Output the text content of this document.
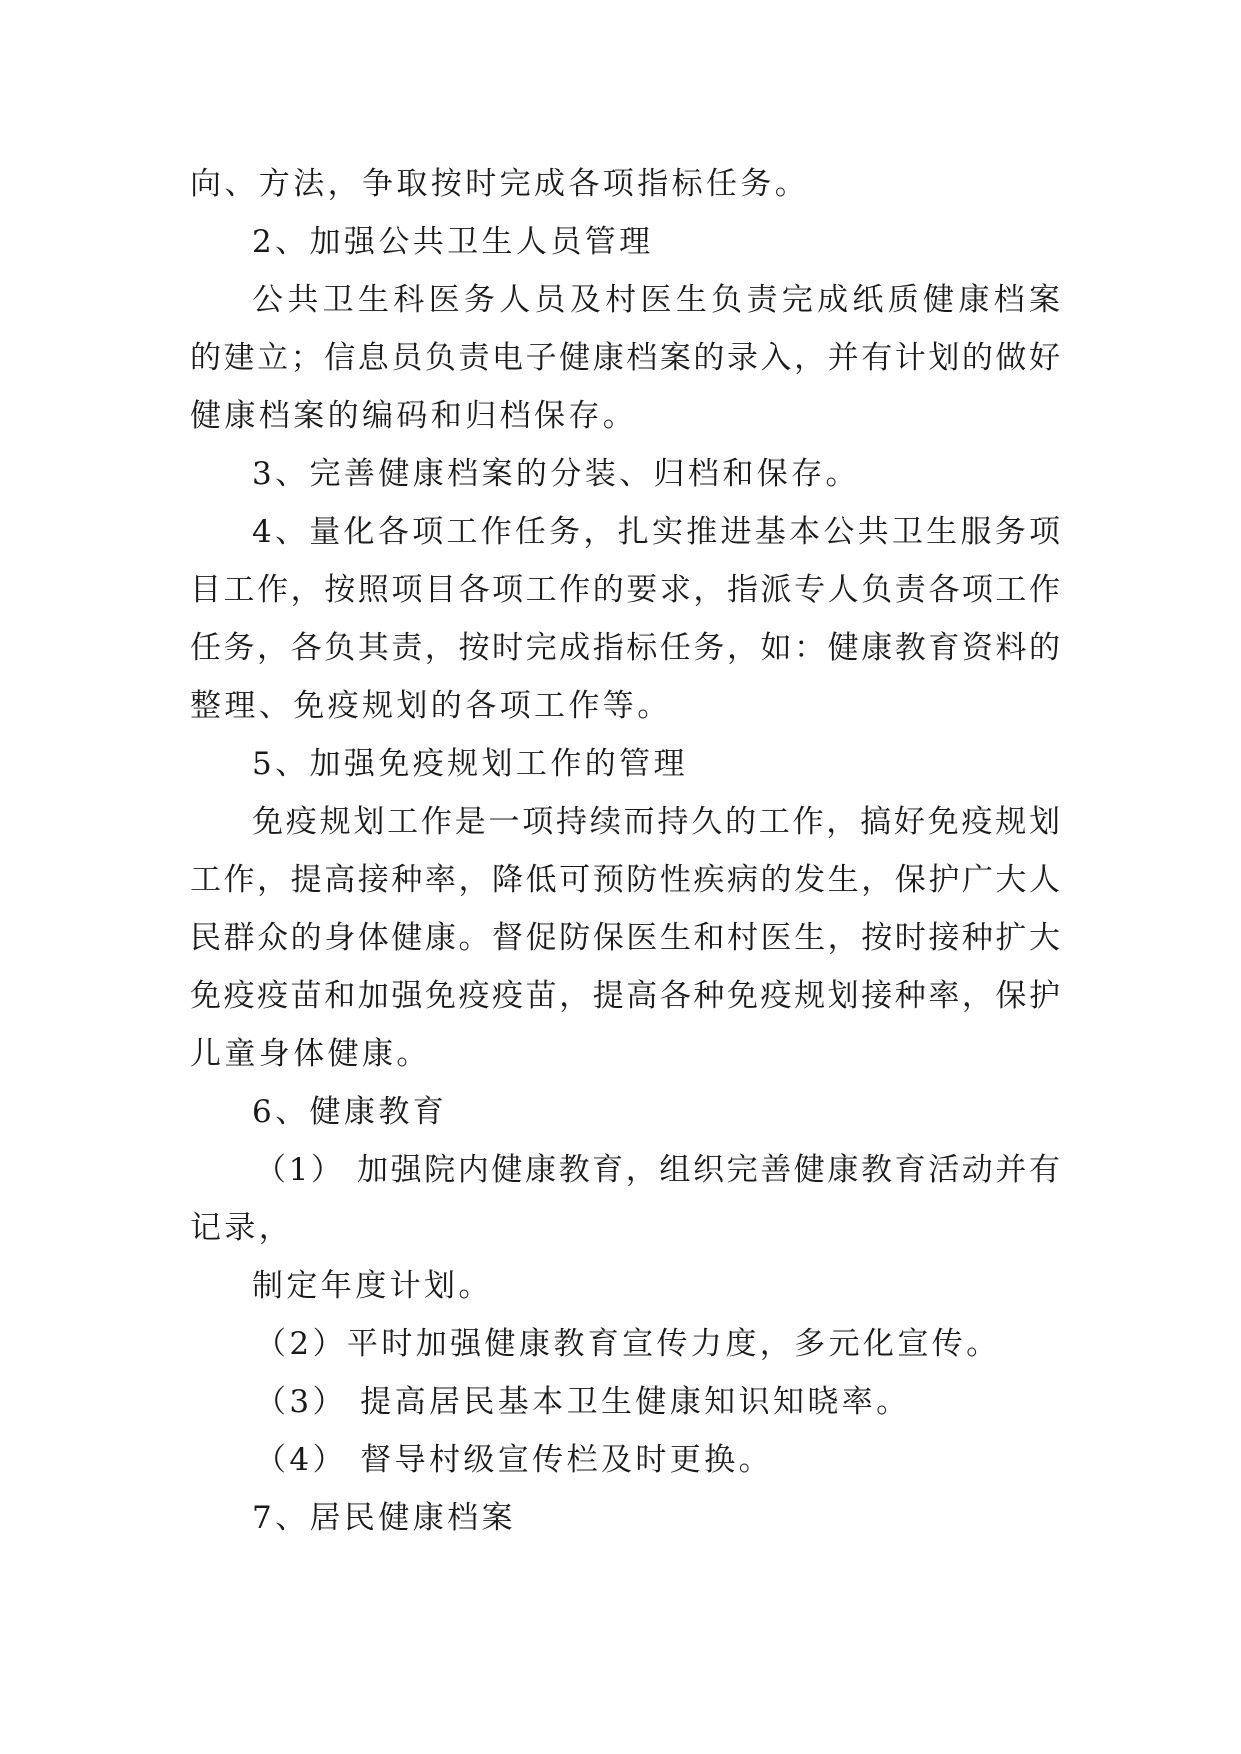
向、方法，争取按时完成各项指标任务。
2、加强公共卫生人员管理
公共卫生科医务人员及村医生负责完成纸质健康档案
的建立；信息员负责电子健康档案的录入，并有计划的做好
健康档案的编码和归档保存。
3、完善健康档案的分装、归档和保存。
4、量化各项工作任务，扎实推进基本公共卫生服务项
目工作，按照项目各项工作的要求，指派专人负责各项工作
任务，各负其责，按时完成指标任务，如：健康教育资料的
整理、免疫规划的各项工作等。
5、加强免疫规划工作的管理
免疫规划工作是一项持续而持久的工作，搞好免疫规划
工作，提高接种率，降低可预防性疾病的发生，保护广大人
民群众的身体健康。督促防保医生和村医生，按时接种扩大
免疫疫苗和加强免疫疫苗，提高各种免疫规划接种率，保护
儿童身体健康。
6、健康教育
（1） 加强院内健康教育，组织完善健康教育活动并有
记录，
制定年度计划。
（2）平时加强健康教育宣传力度，多元化宣传。
（3） 提高居民基本卫生健康知识知晓率。
（4） 督导村级宣传栏及时更换。
7、居民健康档案
